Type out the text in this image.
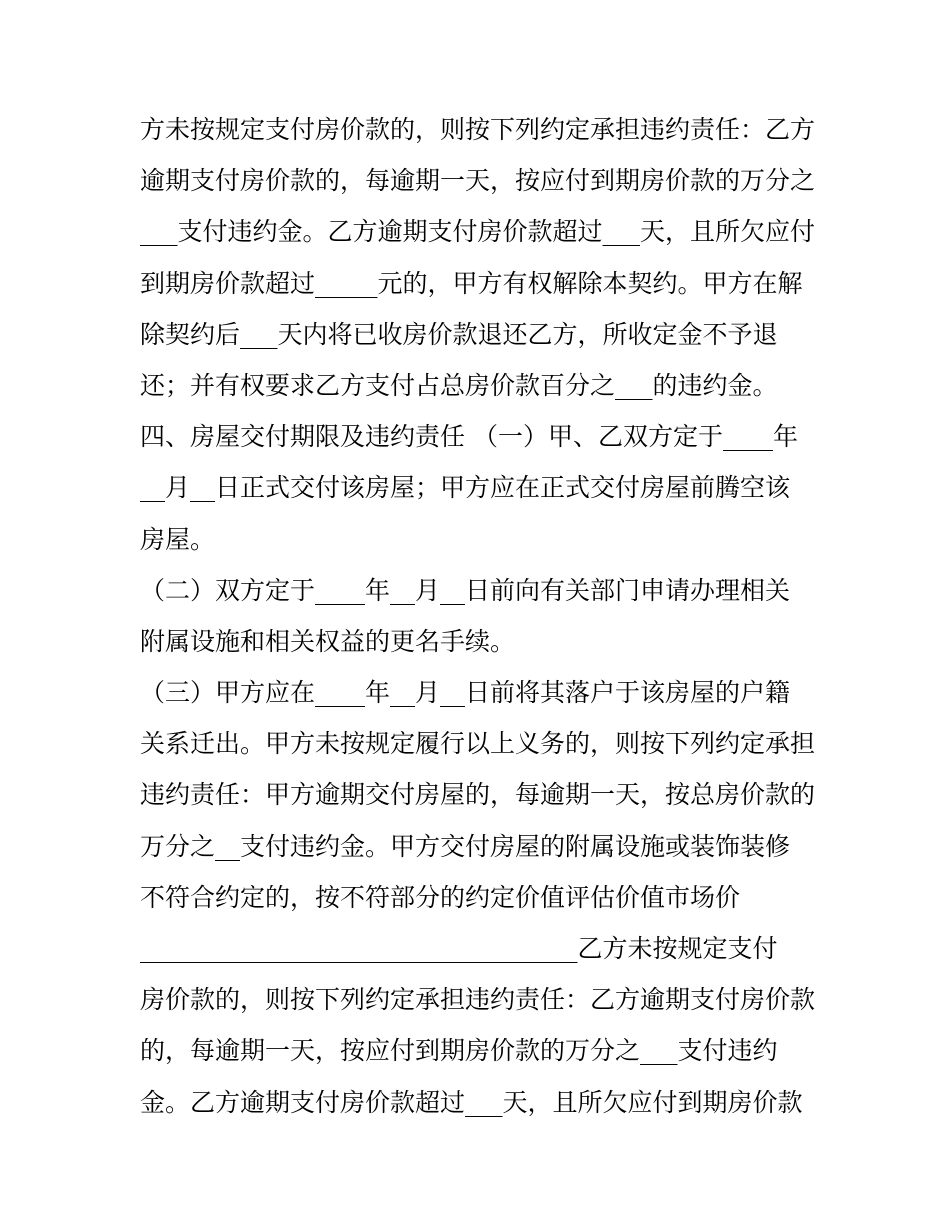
方未按规定支付房价款的，则按下列约定承担违约责任：乙方
逾期支付房价款的，每逾期一天，按应付到期房价款的万分之
___支付违约金。乙方逾期支付房价款超过___天，且所欠应付
到期房价款超过_____元的，甲方有权解除本契约。甲方在解
除契约后___天内将已收房价款退还乙方，所收定金不予退
还；并有权要求乙方支付占总房价款百分之___的违约金。
四、房屋交付期限及违约责任 （一）甲、乙双方定于____年
__月__日正式交付该房屋；甲方应在正式交付房屋前腾空该
房屋。
（二）双方定于____年__月__日前向有关部门申请办理相关
附属设施和相关权益的更名手续。
（三）甲方应在____年__月__日前将其落户于该房屋的户籍
关系迁出。甲方未按规定履行以上义务的，则按下列约定承担
违约责任：甲方逾期交付房屋的，每逾期一天，按总房价款的
万分之__支付违约金。甲方交付房屋的附属设施或装饰装修
不符合约定的，按不符部分的约定价值评估价值市场价
___________________________________乙方未按规定支付
房价款的，则按下列约定承担违约责任：乙方逾期支付房价款
的，每逾期一天，按应付到期房价款的万分之___支付违约
金。乙方逾期支付房价款超过___天，且所欠应付到期房价款
